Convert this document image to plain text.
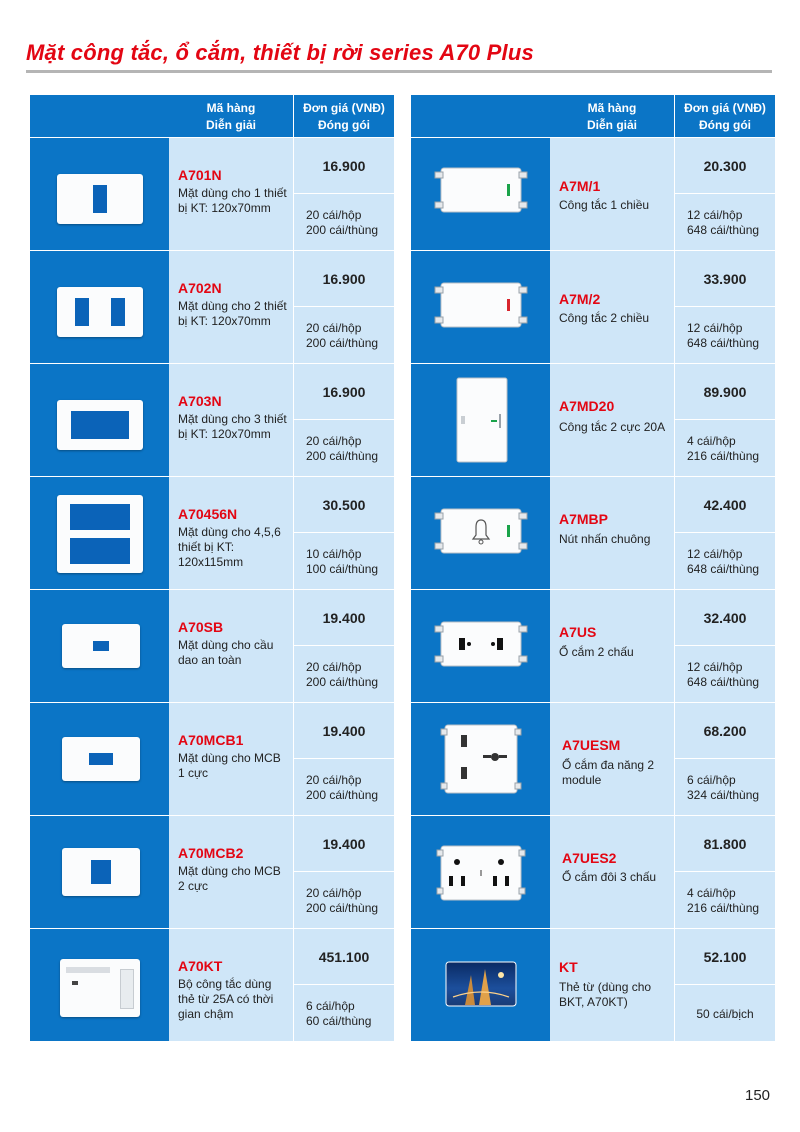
Mặt công tắc, ổ cắm, thiết bị rời series A70 Plus
Mã hàng
Diễn giải
Đơn giá (VNĐ)
Đóng gói
A701N
Mặt dùng cho 1 thiết bị KT: 120x70mm
16.900
20 cái/hộp
200 cái/thùng
A702N
Mặt dùng cho 2 thiết bị KT: 120x70mm
16.900
20 cái/hộp
200 cái/thùng
A703N
Mặt dùng cho 3 thiết bị KT: 120x70mm
16.900
20 cái/hộp
200 cái/thùng
A70456N
Mặt dùng cho 4,5,6 thiết bị KT: 120x115mm
30.500
10 cái/hộp
100 cái/thùng
A70SB
Mặt dùng cho cầu dao an toàn
19.400
20 cái/hộp
200 cái/thùng
A70MCB1
Mặt dùng cho MCB 1 cực
19.400
20 cái/hộp
200 cái/thùng
A70MCB2
Mặt dùng cho MCB 2 cực
19.400
20 cái/hộp
200 cái/thùng
A70KT
Bộ công tắc dùng thẻ từ 25A có thời gian chậm
451.100
6 cái/hộp
60 cái/thùng
Mã hàng
Diễn giải
Đơn giá (VNĐ)
Đóng gói
A7M/1
Công tắc 1 chiều
20.300
12 cái/hộp
648 cái/thùng
A7M/2
Công tắc 2 chiều
33.900
12 cái/hộp
648 cái/thùng
A7MD20
Công tắc 2 cực 20A
89.900
4 cái/hộp
216 cái/thùng
A7MBP
Nút nhấn chuông
42.400
12 cái/hộp
648 cái/thùng
A7US
Ổ cắm 2 chấu
32.400
12 cái/hộp
648 cái/thùng
A7UESM
Ổ cắm đa năng 2 module
68.200
6 cái/hộp
324 cái/thùng
A7UES2
Ổ cắm đôi 3 chấu
81.800
4 cái/hộp
216 cái/thùng
KT
Thẻ từ (dùng cho BKT, A70KT)
52.100
50 cái/bịch
150
